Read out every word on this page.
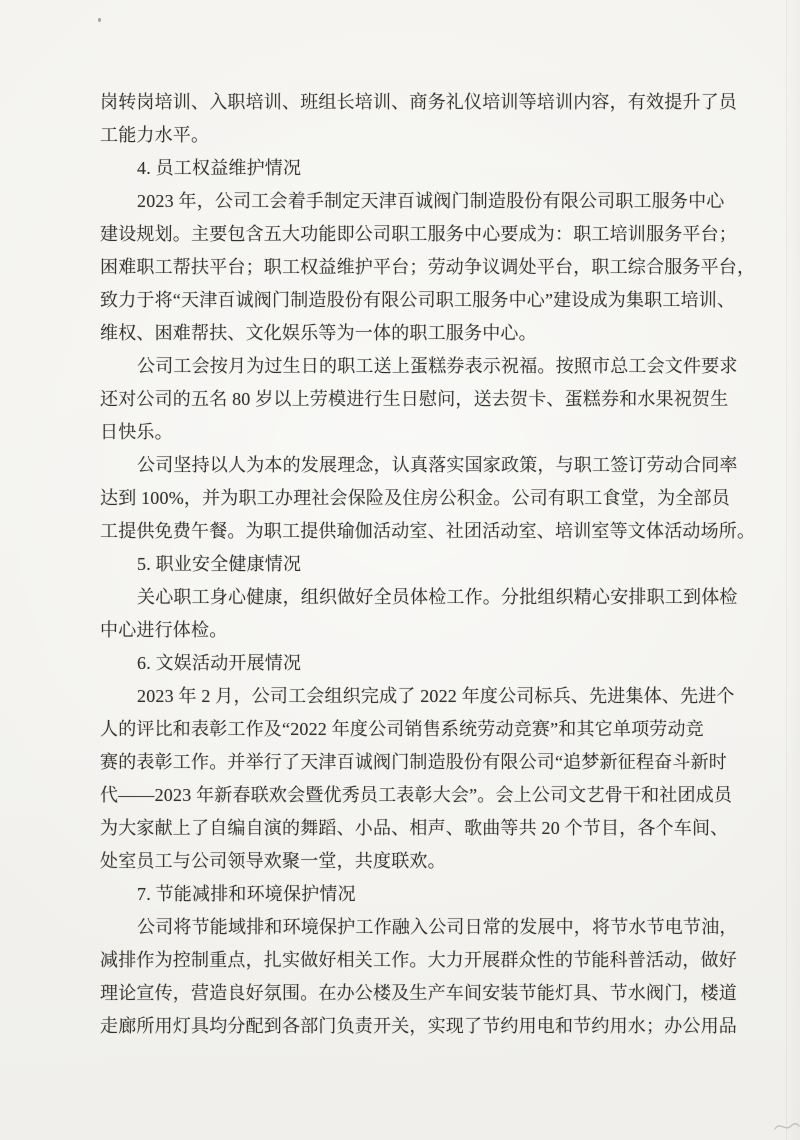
岗转岗培训、入职培训、班组长培训、商务礼仪培训等培训内容，有效提升了员
工能力水平。
4. 员工权益维护情况
2023 年，公司工会着手制定天津百诚阀门制造股份有限公司职工服务中心
建设规划。主要包含五大功能即公司职工服务中心要成为：职工培训服务平台；
困难职工帮扶平台；职工权益维护平台；劳动争议调处平台，职工综合服务平台，
致力于将“天津百诚阀门制造股份有限公司职工服务中心”建设成为集职工培训、
维权、困难帮扶、文化娱乐等为一体的职工服务中心。
公司工会按月为过生日的职工送上蛋糕券表示祝福。按照市总工会文件要求
还对公司的五名 80 岁以上劳模进行生日慰问，送去贺卡、蛋糕券和水果祝贺生
日快乐。
公司坚持以人为本的发展理念，认真落实国家政策，与职工签订劳动合同率
达到 100%，并为职工办理社会保险及住房公积金。公司有职工食堂，为全部员
工提供免费午餐。为职工提供瑜伽活动室、社团活动室、培训室等文体活动场所。
5. 职业安全健康情况
关心职工身心健康，组织做好全员体检工作。分批组织精心安排职工到体检
中心进行体检。
6. 文娱活动开展情况
2023 年 2 月，公司工会组织完成了 2022 年度公司标兵、先进集体、先进个
人的评比和表彰工作及“2022 年度公司销售系统劳动竞赛”和其它单项劳动竞
赛的表彰工作。并举行了天津百诚阀门制造股份有限公司“追梦新征程奋斗新时
代——2023 年新春联欢会暨优秀员工表彰大会”。会上公司文艺骨干和社团成员
为大家献上了自编自演的舞蹈、小品、相声、歌曲等共 20 个节目，各个车间、
处室员工与公司领导欢聚一堂，共度联欢。
7. 节能减排和环境保护情况
公司将节能域排和环境保护工作融入公司日常的发展中，将节水节电节油，
减排作为控制重点，扎实做好相关工作。大力开展群众性的节能科普活动，做好
理论宣传，营造良好氛围。在办公楼及生产车间安装节能灯具、节水阀门，楼道
走廊所用灯具均分配到各部门负责开关，实现了节约用电和节约用水；办公用品
